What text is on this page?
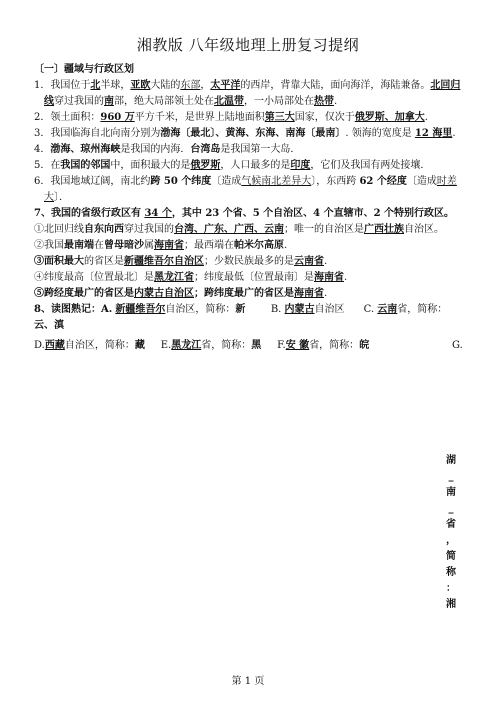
湘教版 八年级地理上册复习提纲

〔一〕疆域与行政区划

1．我国位于北半球，亚欧大陆的东部，太平洋的西岸，背靠大陆，面向海洋，海陆兼备。北回归线穿过我国的南部，绝大局部领土处在北温带，一小局部处在热带.

2．领土面积：960 万平方千米，是世界上陆地面积第三大国家，仅次于俄罗斯、加拿大.

3．我国临海自北向南分别为渤海〔最北〕、黄海、东海、南海〔最南〕. 领海的宽度是 12 海里.

4．渤海、琼州海峡是我国的内海．台湾岛是我国第一大岛．

5．在我国的邻国中，面积最大的是俄罗斯，人口最多的是印度，它们及我国有两处接壤．

6．我国地域辽阔，南北约跨 50 个纬度〔造成气候南北差异大〕，东西跨 62 个经度〔造成时差大〕．

7、我国的省级行政区有 34 个，其中 23 个省、5 个自治区、4 个直辖市、2 个特别行政区。

①北回归线自东向西穿过我国的台湾、广东、广西、云南；唯一的自治区是广西壮族自治区。

②我国最南端在曾母暗沙属海南省；最西端在帕米尔高原.

③面积最大的省区是新疆维吾尔自治区；少数民族最多的是云南省.

④纬度最高〔位置最北〕是黑龙江省；纬度最低〔位置最南〕是海南省.

⑤跨经度最广的省区是内蒙古自治区；跨纬度最广的省区是海南省.

8、读图熟记：A. 新疆维吾尔自治区，简称：新	B. 内蒙古自治区 C. 云南省，简称：云、滇

D.西藏自治区，简称：藏 E.黑龙江省，简称：黑 F.安 徽省，简称：皖	G.

湖
_
南
_
省
，
简
称
：
湘
第 1 页
